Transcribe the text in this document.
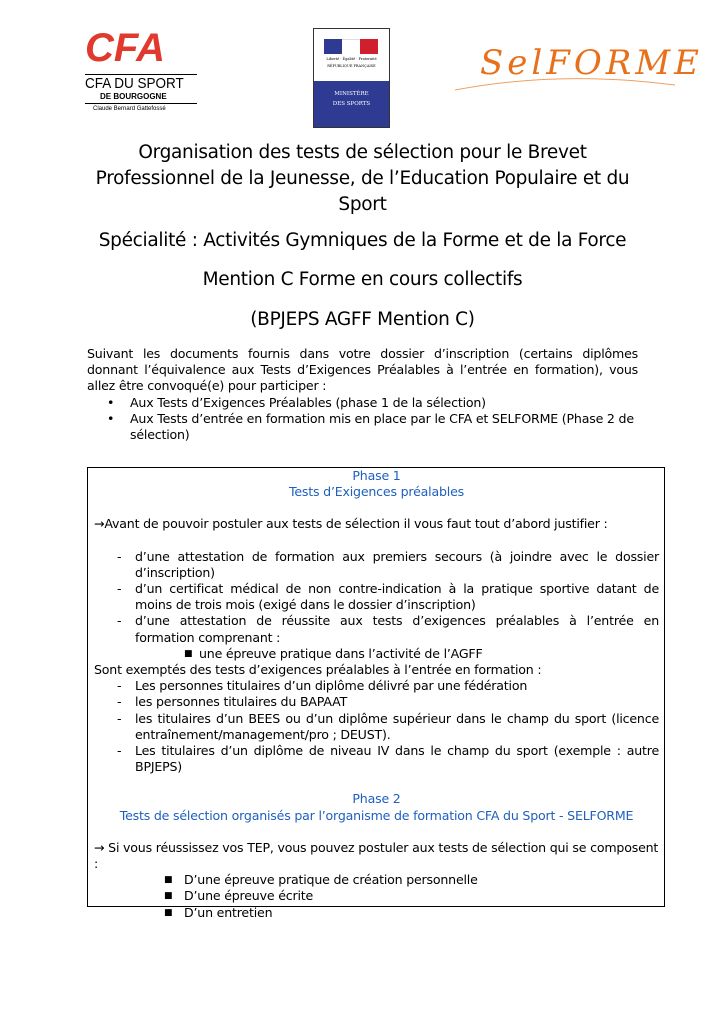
CFA
CFA DU SPORT
DE BOURGOGNE
Claude Bernard Gattefossé
Liberté · Égalité · Fraternité
RÉPUBLIQUE FRANÇAISE
MINISTÈRE
DES SPORTS
SelFORME
Organisation des tests de sélection pour le Brevet
Professionnel de la Jeunesse, de l’Education Populaire et du
Sport
Spécialité : Activités Gymniques de la Forme et de la Force
Mention C Forme en cours collectifs
(BPJEPS AGFF Mention C)
Suivant les documents fournis dans votre dossier d’inscription (certains diplômes donnant l’équivalence aux Tests d’Exigences Préalables à l’entrée en formation), vous allez être convoqué(e) pour participer :
• Aux Tests d’Exigences Préalables (phase 1 de la sélection)
• Aux Tests d’entrée en formation mis en place par le CFA et SELFORME (Phase 2 de sélection)
Phase 1
Tests d’Exigences préalables
→Avant de pouvoir postuler aux tests de sélection il vous faut tout d’abord justifier :
- d’une attestation de formation aux premiers secours (à joindre avec le dossier d’inscription)
- d’un certificat médical de non contre-indication à la pratique sportive datant de moins de trois mois (exigé dans le dossier d’inscription)
- d’une attestation de réussite aux tests d’exigences préalables à l’entrée en formation comprenant :
■ une épreuve pratique dans l’activité de l’AGFF
Sont exemptés des tests d’exigences préalables à l’entrée en formation :
- Les personnes titulaires d’un diplôme délivré par une fédération
- les personnes titulaires du BAPAAT
- les titulaires d’un BEES ou d’un diplôme supérieur dans le champ du sport (licence entraînement/management/pro ; DEUST).
- Les titulaires d’un diplôme de niveau IV dans le champ du sport (exemple : autre BPJEPS)
Phase 2
Tests de sélection organisés par l’organisme de formation CFA du Sport - SELFORME
→ Si vous réussissez vos TEP, vous pouvez postuler aux tests de sélection qui se composent :
■ D’une épreuve pratique de création personnelle
■ D’une épreuve écrite
■ D’un entretien
